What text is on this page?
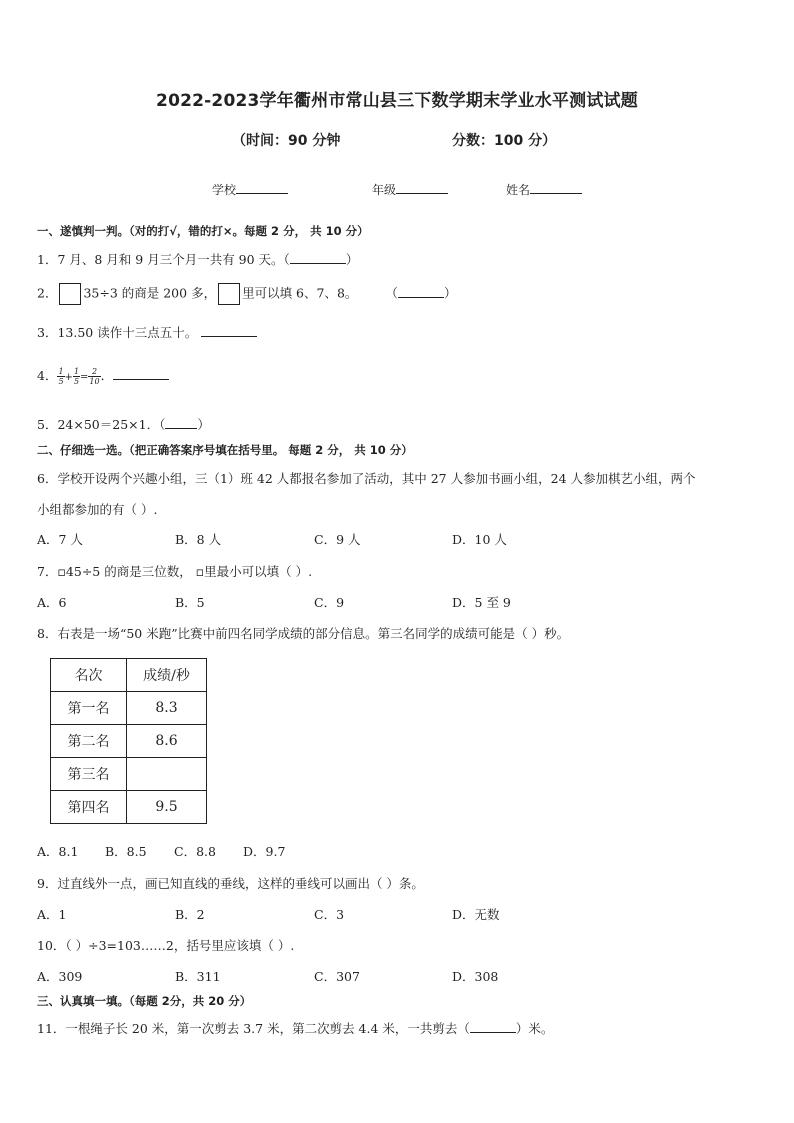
2022-2023学年衢州市常山县三下数学期末学业水平测试试题
（时间：90 分钟	分数：100 分）
学校	年级	姓名
一、遂慎判一判。（对的打√，错的打×。每题 2 分， 共 10 分）
1．7 月、8 月和 9 月三个月一共有 90 天。（	）
2． 35÷3 的商是 200 多， 里可以填 6、7、8。 （	）
3．13.50 读作十三点五十。
4． $\frac{1}{5} + \frac{1}{5} = \frac{2}{10}$ ．
5．24×50＝25×1．（	）
二、仔细选一选。（把正确答案序号填在括号里。 每题 2 分， 共 10 分）
6．学校开设两个兴趣小组，三（1）班 42 人都报名参加了活动，其中 27 人参加书画小组，24 人参加棋艺小组，两个
小组都参加的有（ ）.
A．7 人	B．8 人	C．9 人	D．10 人
7．▫45÷5 的商是三位数， ▫里最小可以填（ ）.
A．6	B．5	C．9	D．5 至 9
8．右表是一场“50 米跑”比赛中前四名同学成绩的部分信息。第三名同学的成绩可能是（ ）秒。
名次	成绩/秒
第一名	8.3
第二名	8.6
第三名	
第四名	9.5
A．8.1 B．8.5 C．8.8 D．9.7
9．过直线外一点，画已知直线的垂线，这样的垂线可以画出（ ）条。
A．1	B．2	C．3	D．无数
10．（ ）÷3=103……2，括号里应该填（ ）.
A．309	B．311	C．307	D．308
三、认真填一填。（每题 2分，共 20 分）
11．一根绳子长 20 米，第一次剪去 3.7 米，第二次剪去 4.4 米，一共剪去（	）米。
